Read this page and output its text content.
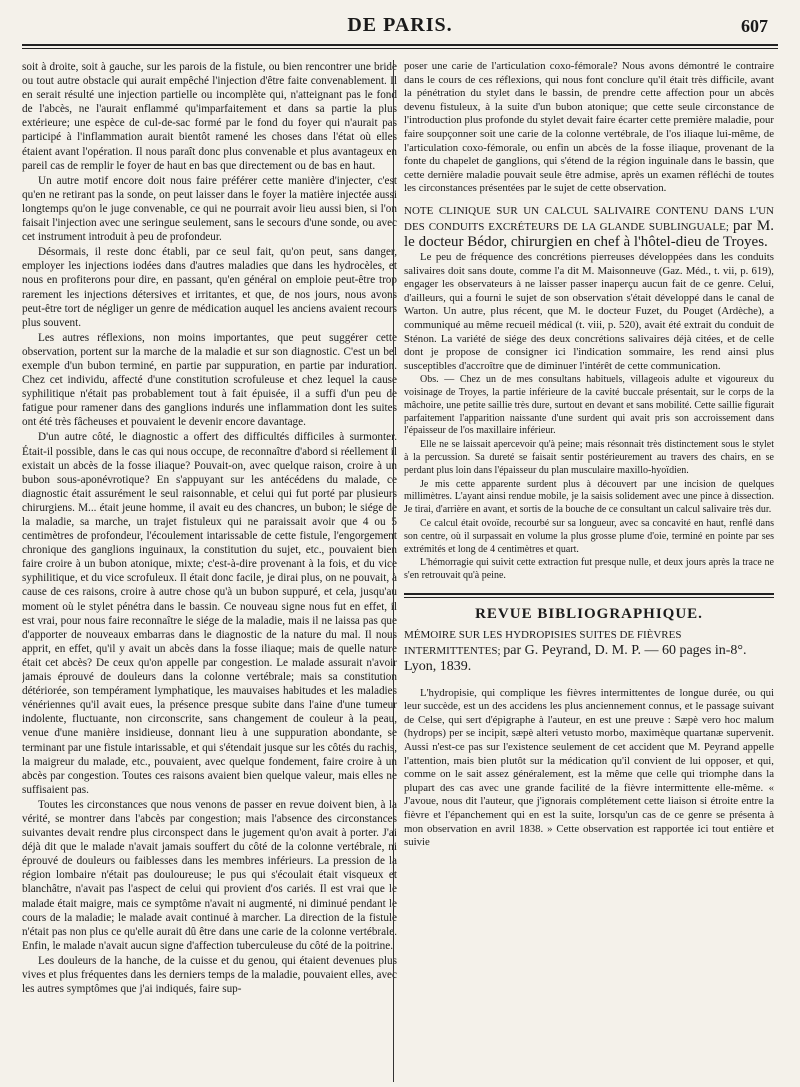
DE PARIS.	607

soit à droite, soit à gauche, sur les parois de la fistule, ou bien rencontrer une bride ou tout autre obstacle qui aurait empêché l'injection d'être faite convenablement. Il en serait résulté une injection partielle ou incomplète qui, n'atteignant pas le fond de l'abcès, ne l'aurait enflammé qu'imparfaitement et dans sa partie la plus extérieure; une espèce de cul-de-sac formé par le fond du foyer qui n'aurait pas participé à l'inflammation aurait bientôt ramené les choses dans l'état où elles étaient avant l'opération. Il nous paraît donc plus convenable et plus avantageux en pareil cas de remplir le foyer de haut en bas que directement ou de bas en haut.

Un autre motif encore doit nous faire préférer cette manière d'injecter, c'est qu'en ne retirant pas la sonde, on peut laisser dans le foyer la matière injectée aussi longtemps qu'on le juge convenable, ce qui ne pourrait avoir lieu aussi bien, si l'on faisait l'injection avec une seringue seulement, sans le secours d'une sonde, ou avec cet instrument introduit à peu de profondeur.

Désormais, il reste donc établi, par ce seul fait, qu'on peut, sans danger, employer les injections iodées dans d'autres maladies que dans les hydrocèles, et nous en profiterons pour dire, en passant, qu'en général on emploie peut-être trop rarement les injections détersives et irritantes, et que, de nos jours, nous avons peut-être tort de négliger un genre de médication auquel les anciens avaient recours plus souvent.

Les autres réflexions, non moins importantes, que peut suggérer cette observation, portent sur la marche de la maladie et sur son diagnostic. C'est un bel exemple d'un bubon terminé, en partie par suppuration, en partie par induration. Chez cet individu, affecté d'une constitution scrofuleuse et chez lequel la cause syphilitique n'était pas probablement tout à fait épuisée, il a suffi d'un peu de fatigue pour ramener dans des ganglions indurés une inflammation dont les suites ont été très fâcheuses et pouvaient le devenir encore davantage.

D'un autre côté, le diagnostic a offert des difficultés difficiles à surmonter. Était-il possible, dans le cas qui nous occupe, de reconnaître d'abord si réellement il existait un abcès de la fosse iliaque? Pouvait-on, avec quelque raison, croire à un bubon sous-aponévrotique? En s'appuyant sur les antécédens du malade, ce diagnostic était assurément le seul raisonnable, et celui qui fut porté par plusieurs chirurgiens. M... était jeune homme, il avait eu des chancres, un bubon; le siége de la maladie, sa marche, un trajet fistuleux qui ne paraissait avoir que 4 ou 5 centimètres de profondeur, l'écoulement intarissable de cette fistule, l'engorgement chronique des ganglions inguinaux, la constitution du sujet, etc., pouvaient bien faire croire à un bubon atonique, mixte; c'est-à-dire provenant à la fois, et du vice syphilitique, et du vice scrofuleux. Il était donc facile, je dirai plus, on ne pouvait, à cause de ces raisons, croire à autre chose qu'à un bubon suppuré, et cela, jusqu'au moment où le stylet pénétra dans le bassin. Ce nouveau signe nous fut en effet, il est vrai, pour nous faire reconnaître le siége de la maladie, mais il ne laissa pas que d'apporter de nouveaux embarras dans le diagnostic de la nature du mal. Il nous apprit, en effet, qu'il y avait un abcès dans la fosse iliaque; mais de quelle nature était cet abcès? De ceux qu'on appelle par congestion. Le malade assurait n'avoir jamais éprouvé de douleurs dans la colonne vertébrale; mais sa constitution détériorée, son tempérament lymphatique, les mauvaises habitudes et les maladies vénériennes qu'il avait eues, la présence presque subite dans l'aine d'une tumeur indolente, fluctuante, non circonscrite, sans changement de couleur à la peau, venue d'une manière insidieuse, donnant lieu à une suppuration abondante, se terminant par une fistule intarissable, et qui s'étendait jusque sur les côtés du rachis, la maigreur du malade, etc., pouvaient, avec quelque fondement, faire croire à un abcès par congestion. Toutes ces raisons avaient bien quelque valeur, mais elles ne suffisaient pas.

Toutes les circonstances que nous venons de passer en revue doivent bien, à la vérité, se montrer dans l'abcès par congestion; mais l'absence des circonstances suivantes devait rendre plus circonspect dans le jugement qu'on avait à porter. J'ai déjà dit que le malade n'avait jamais souffert du côté de la colonne vertébrale, ni éprouvé de douleurs ou faiblesses dans les membres inférieurs. La pression de la région lombaire n'était pas douloureuse; le pus qui s'écoulait était visqueux et blanchâtre, n'avait pas l'aspect de celui qui provient d'os cariés. Il est vrai que le malade était maigre, mais ce symptôme n'avait ni augmenté, ni diminué pendant le cours de la maladie; le malade avait continué à marcher. La direction de la fistule n'était pas non plus ce qu'elle aurait dû être dans une carie de la colonne vertébrale. Enfin, le malade n'avait aucun signe d'affection tuberculeuse du côté de la poitrine.

Les douleurs de la hanche, de la cuisse et du genou, qui étaient devenues plus vives et plus fréquentes dans les derniers temps de la maladie, pouvaient elles, avec les autres symptômes que j'ai indiqués, faire sup-

poser une carie de l'articulation coxo-fémorale? Nous avons démontré le contraire dans le cours de ces réflexions, qui nous font conclure qu'il était très difficile, avant la pénétration du stylet dans le bassin, de prendre cette affection pour un abcès devenu fistuleux, à la suite d'un bubon atonique; que cette seule circonstance de l'introduction plus profonde du stylet devait faire écarter cette première maladie, pour faire soupçonner soit une carie de la colonne vertébrale, de l'os iliaque lui-même, de l'articulation coxo-fémorale, ou enfin un abcès de la fosse iliaque, provenant de la fonte du chapelet de ganglions, qui s'étend de la région inguinale dans le bassin, que cette dernière maladie pouvait seule être admise, après un examen réfléchi de toutes les circonstances présentées par le sujet de cette observation.

NOTE CLINIQUE SUR UN CALCUL SALIVAIRE CONTENU DANS L'UN DES CONDUITS EXCRÉTEURS DE LA GLANDE SUBLINGUALE; par M. le docteur Bédor, chirurgien en chef à l'hôtel-dieu de Troyes.

Le peu de fréquence des concrétions pierreuses développées dans les conduits salivaires doit sans doute, comme l'a dit M. Maisonneuve (Gaz. Méd., t. vii, p. 619), engager les observateurs à ne laisser passer inaperçu aucun fait de ce genre. Celui, d'ailleurs, qui a fourni le sujet de son observation s'était développé dans le canal de Warton. Un autre, plus récent, que M. le docteur Fuzet, du Pouget (Ardèche), a communiqué au même recueil médical (t. viii, p. 520), avait été extrait du conduit de Sténon. La variété de siége des deux concrétions salivaires déjà citées, et de celle dont je propose de consigner ici l'indication sommaire, les rend ainsi plus susceptibles d'accroître que de diminuer l'intérêt de cette communication.

Obs. — Chez un de mes consultans habituels, villageois adulte et vigoureux du voisinage de Troyes, la partie inférieure de la cavité buccale présentait, sur le corps de la mâchoire, une petite saillie très dure, surtout en devant et sans mobilité. Cette saillie figurait parfaitement l'apparition naissante d'une surdent qui avait pris son accroissement dans l'épaisseur de l'os maxillaire inférieur.

Elle ne se laissait apercevoir qu'à peine; mais résonnait très distinctement sous le stylet à la percussion. Sa dureté se faisait sentir postérieurement au travers des chairs, en se perdant plus loin dans l'épaisseur du plan musculaire maxillo-hyoïdien.

Je mis cette apparente surdent plus à découvert par une incision de quelques millimètres. L'ayant ainsi rendue mobile, je la saisis solidement avec une pince à dissection. Je tirai, d'arrière en avant, et sortis de la bouche de ce consultant un calcul salivaire très dur.

Ce calcul était ovoïde, recourbé sur sa longueur, avec sa concavité en haut, renflé dans son centre, où il surpassait en volume la plus grosse plume d'oie, terminé en pointe par ses extrémités et long de 4 centimètres et quart.

L'hémorragie qui suivit cette extraction fut presque nulle, et deux jours après la trace ne s'en retrouvait qu'à peine.

REVUE BIBLIOGRAPHIQUE.
MÉMOIRE SUR LES HYDROPISIES SUITES DE FIÈVRES INTERMITTENTES; par G. Peyrand, D. M. P. — 60 pages in-8°. Lyon, 1839.

L'hydropisie, qui complique les fièvres intermittentes de longue durée, ou qui leur succède, est un des accidens les plus anciennement connus, et le passage suivant de Celse, qui sert d'épigraphe à l'auteur, en est une preuve : Sæpè vero hoc malum (hydrops) per se incipit, sæpè alteri vetusto morbo, maximèque quartanæ supervenit. Aussi n'est-ce pas sur l'existence seulement de cet accident que M. Peyrand appelle l'attention, mais bien plutôt sur la médication qu'il convient de lui opposer, et qui, comme on le sait assez généralement, est la même que celle qui triomphe dans la plupart des cas avec une grande facilité de la fièvre intermittente elle-même. « J'avoue, nous dit l'auteur, que j'ignorais complétement cette liaison si étroite entre la fièvre et l'épanchement qui en est la suite, lorsqu'un cas de ce genre se présenta à mon observation en avril 1838. » Cette observation est rapportée ici tout entière et suivie
